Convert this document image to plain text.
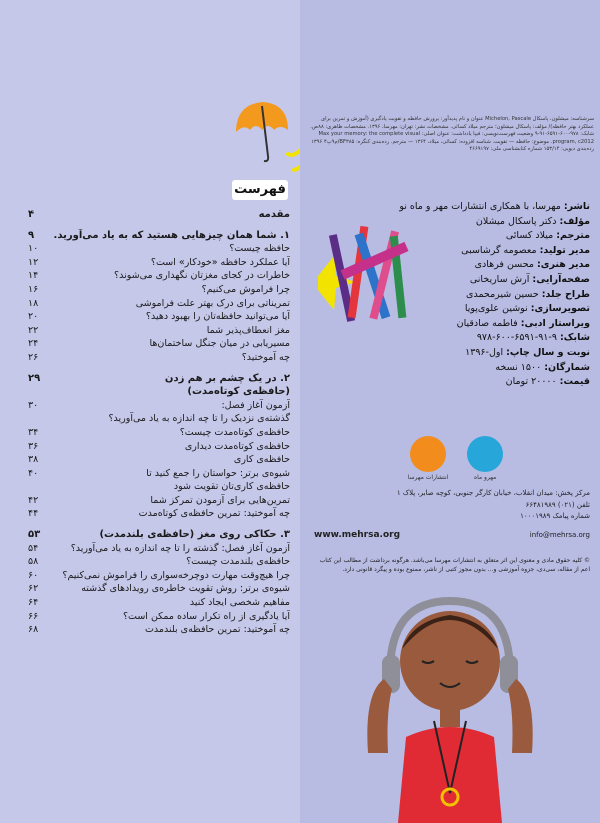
فهرست
مقدمه
۴
۱. شما همان چیزهایی هستید که به یاد می‌آورید.
۹
حافظه چیست؟
۱۰
آیا عملکرد حافظه «خودکار» است؟
۱۲
خاطرات در کجای مغزتان نگهداری می‌شوند؟
۱۴
چرا فراموش می‌کنیم؟
۱۶
تمریناتی برای درک بهتر علت فراموشی
۱۸
آیا می‌توانید حافظه‌تان را بهبود دهید؟
۲۰
مغز انعطاف‌پذیر شما
۲۲
مسیریابی در میان جنگل ساختمان‌ها
۲۴
چه آموختید؟
۲۶
۲. در یک چشم بر هم زدن
۲۹
(حافظه‌ی کوتاه‌مدت)
آزمون آغاز فصل:
۳۰
گذشته‌ی نزدیک را تا چه اندازه به یاد می‌آورید؟
حافظه‌ی کوتاه‌مدت چیست؟
۳۴
حافظه‌ی کوتاه‌مدت دیداری
۳۶
حافظه‌ی کاری
۳۸
شیوه‌ی برتر: حواستان را جمع کنید تا
۴۰
حافظه‌ی کاری‌تان تقویت شود
تمرین‌هایی برای آزمودن تمرکز شما
۴۲
چه آموختید: تمرین حافظه‌ی کوتاه‌مدت
۴۴
۳. حکاکی روی مغز (حافظه‌ی بلندمدت)
۵۳
آزمون آغاز فصل: گذشته را تا چه اندازه به یاد می‌آورید؟
۵۴
حافظه‌ی بلندمدت چیست؟
۵۸
چرا هیچ‌وقت مهارت دوچرخه‌سواری را فراموش نمی‌کنیم؟
۶۰
شیوه‌ی برتر: روش تقویت خاطره‌ی رویدادهای گذشته
۶۲
مفاهیم شخصی ایجاد کنید
۶۴
آیا یادگیری از راه تکرار ساده ممکن است؟
۶۶
چه آموختید: تمرین حافظه‌ی بلندمدت
۶۸

انتشارات مهرسا	مهرو ماه
سرشناسه: میشلون، پاسکال Michelon, Pascale عنوان و نام پدیدآور: پرورش حافظه و تقویت یادگیری (آموزش و تمرین برای عملکرد بهتر حافظه)/ مؤلف: پاسکال میشلون؛ مترجم میلاد کسائی. مشخصات نشر: تهران: مهرسا، ۱۳۹۶. مشخصات ظاهری: ۸۸ص. شابک: ۹۷۸-۶۰۰-۶۵۹۱-۹۱-۹ وضعیت فهرست‌نویسی: فیپا یادداشت: عنوان اصلی: Max your memory: the complete visual program, c2012. موضوع: حافظه — تقویت. شناسه افزوده: کسائی، میلاد، ۱۳۶۴ — مترجم. رده‌بندی کنگره: BF۳۸۵/م۹پ۴ ۱۳۹۶ رده‌بندی دیویی: ۱۵۳/۱۴ شماره کتابشناسی ملی: ۴۶۶۹۱۹۷
ناشر: مهرسا، با همکاری انتشارات مهر و ماه نو
مؤلف: دکتر پاسکال میشلان
مترجم: میلاد کسائی
مدیر تولید: معصومه گرشاسبی
مدیر هنری: محسن فرهادی
صفحه‌آرایی: آرش ساریخانی
طراح جلد: حسین شیرمحمدی
تصویرسازی: نوشین علوی‌پویا
ویراستار ادبی: فاطمه صادقیان
شابک: ۹-۹۱-۶۵۹۱-۶۰۰-۹۷۸
نوبت و سال چاپ: اول-۱۳۹۶
شمارگان: ۱۵۰۰ نسخه
قیمت: ۲۰۰۰۰ تومان
مرکز پخش: میدان انقلاب، خیابان کارگر جنوبی، کوچه صابر، پلاک ۱
تلفن (۰۲۱) ۶۶۴۸۱۹۸۹
شماره پیامک ۱۰۰۰۱۹۸۹
info@mehrsa.org
www.mehrsa.org
© کلیه حقوق مادی و معنوی این اثر متعلق به انتشارات مهرسا می‌باشد. هرگونه برداشت از مطالب این کتاب اعم از مقاله، سی‌دی، جزوه آموزشی و... بدون مجوز کتبی از ناشر، ممنوع بوده و پیگرد قانونی دارد.
